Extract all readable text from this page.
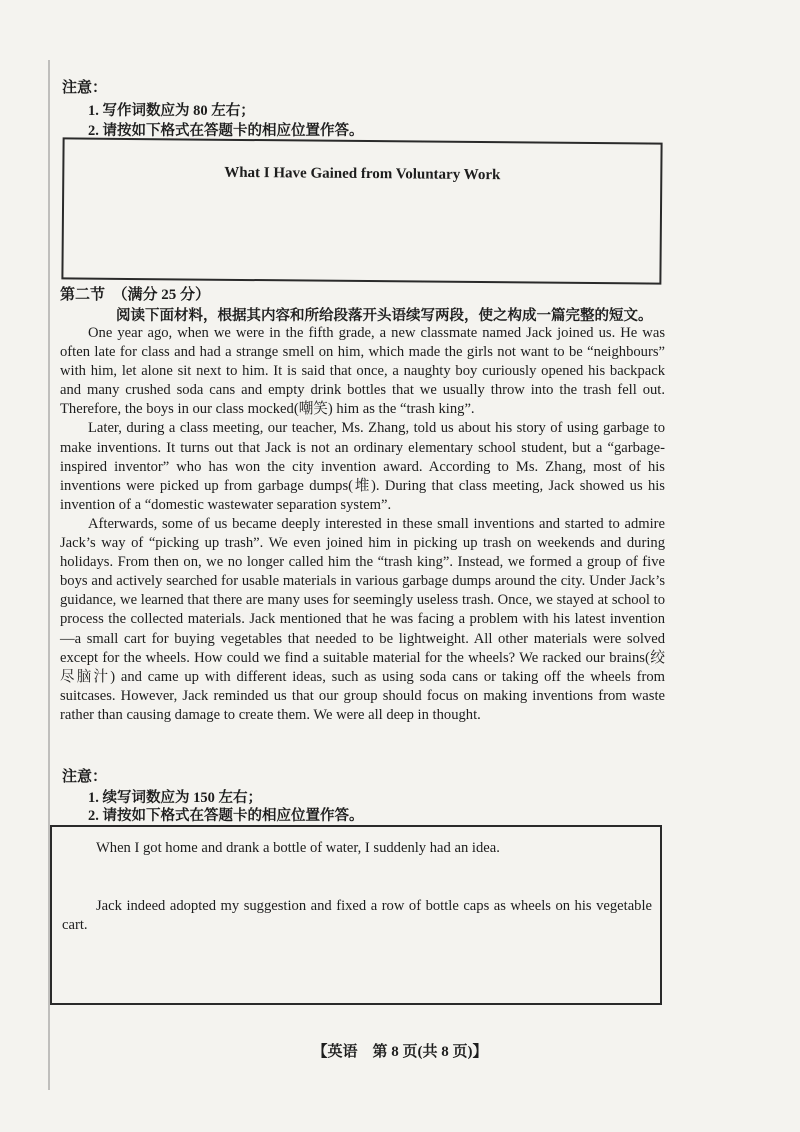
注意：
1. 写作词数应为 80 左右；
2. 请按如下格式在答题卡的相应位置作答。
What I Have Gained from Voluntary Work
第二节　（满分 25 分）
阅读下面材料，根据其内容和所给段落开头语续写两段，使之构成一篇完整的短文。

One year ago, when we were in the fifth grade, a new classmate named Jack joined us. He was often late for class and had a strange smell on him, which made the girls not want to be “neighbours” with him, let alone sit next to him. It is said that once, a naughty boy curiously opened his backpack and many crushed soda cans and empty drink bottles that we usually throw into the trash fell out. Therefore, the boys in our class mocked(嘲笑) him as the “trash king”.

Later, during a class meeting, our teacher, Ms. Zhang, told us about his story of using garbage to make inventions. It turns out that Jack is not an ordinary elementary school student, but a “garbage-inspired inventor” who has won the city invention award. According to Ms. Zhang, most of his inventions were picked up from garbage dumps(堆). During that class meeting, Jack showed us his invention of a “domestic wastewater separation system”.

Afterwards, some of us became deeply interested in these small inventions and started to admire Jack’s way of “picking up trash”. We even joined him in picking up trash on weekends and during holidays. From then on, we no longer called him the “trash king”. Instead, we formed a group of five boys and actively searched for usable materials in various garbage dumps around the city. Under Jack’s guidance, we learned that there are many uses for seemingly useless trash. Once, we stayed at school to process the collected materials. Jack mentioned that he was facing a problem with his latest invention—a small cart for buying vegetables that needed to be lightweight. All other materials were solved except for the wheels. How could we find a suitable material for the wheels? We racked our brains(绞尽脑汁) and came up with different ideas, such as using soda cans or taking off the wheels from suitcases. However, Jack reminded us that our group should focus on making inventions from waste rather than causing damage to create them. We were all deep in thought.

注意：
1. 续写词数应为 150 左右；
2. 请按如下格式在答题卡的相应位置作答。

When I got home and drank a bottle of water, I suddenly had an idea.

Jack indeed adopted my suggestion and fixed a row of bottle caps as wheels on his vegetable cart.

【英语　第 8 页(共 8 页)】
